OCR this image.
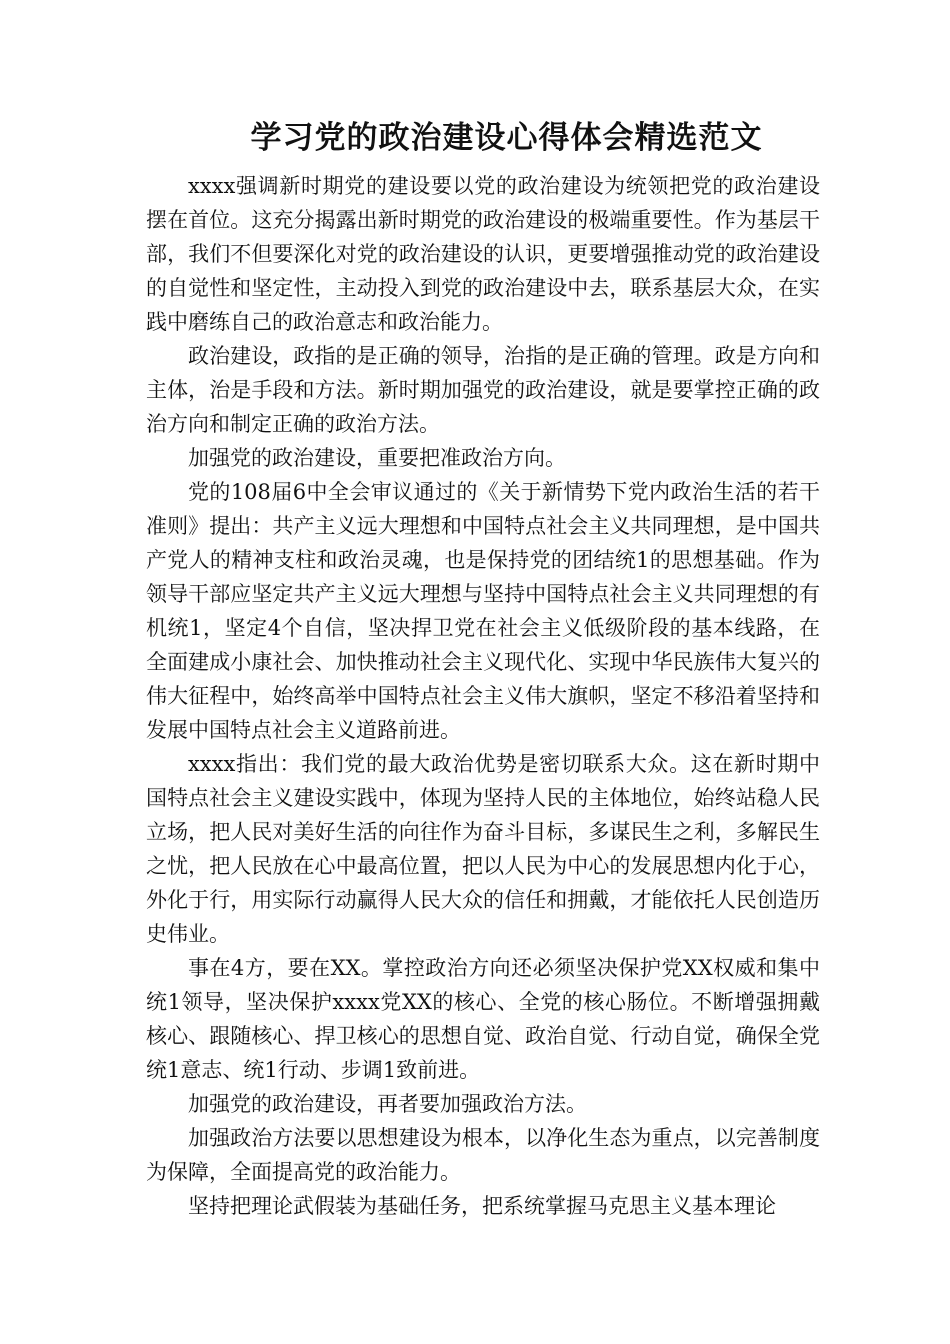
学习党的政治建设心得体会精选范文

xxxx强调新时期党的建设要以党的政治建设为统领把党的政治建设摆在首位。这充分揭露出新时期党的政治建设的极端重要性。作为基层干部，我们不但要深化对党的政治建设的认识，更要增强推动党的政治建设的自觉性和坚定性，主动投入到党的政治建设中去，联系基层大众，在实践中磨练自己的政治意志和政治能力。

政治建设，政指的是正确的领导，治指的是正确的管理。政是方向和主体，治是手段和方法。新时期加强党的政治建设，就是要掌控正确的政治方向和制定正确的政治方法。

加强党的政治建设，重要把准政治方向。

党的108届6中全会审议通过的《关于新情势下党内政治生活的若干准则》提出：共产主义远大理想和中国特点社会主义共同理想，是中国共产党人的精神支柱和政治灵魂，也是保持党的团结统1的思想基础。作为领导干部应坚定共产主义远大理想与坚持中国特点社会主义共同理想的有机统1，坚定4个自信，坚决捍卫党在社会主义低级阶段的基本线路，在全面建成小康社会、加快推动社会主义现代化、实现中华民族伟大复兴的伟大征程中，始终高举中国特点社会主义伟大旗帜，坚定不移沿着坚持和发展中国特点社会主义道路前进。

xxxx指出：我们党的最大政治优势是密切联系大众。这在新时期中国特点社会主义建设实践中，体现为坚持人民的主体地位，始终站稳人民立场，把人民对美好生活的向往作为奋斗目标，多谋民生之利，多解民生之忧，把人民放在心中最高位置，把以人民为中心的发展思想内化于心，外化于行，用实际行动赢得人民大众的信任和拥戴，才能依托人民创造历史伟业。

事在4方，要在XX。掌控政治方向还必须坚决保护党XX权威和集中统1领导，坚决保护xxxx党XX的核心、全党的核心肠位。不断增强拥戴核心、跟随核心、捍卫核心的思想自觉、政治自觉、行动自觉，确保全党统1意志、统1行动、步调1致前进。

加强党的政治建设，再者要加强政治方法。

加强政治方法要以思想建设为根本，以净化生态为重点，以完善制度为保障，全面提高党的政治能力。

坚持把理论武假装为基础任务，把系统掌握马克思主义基本理论
